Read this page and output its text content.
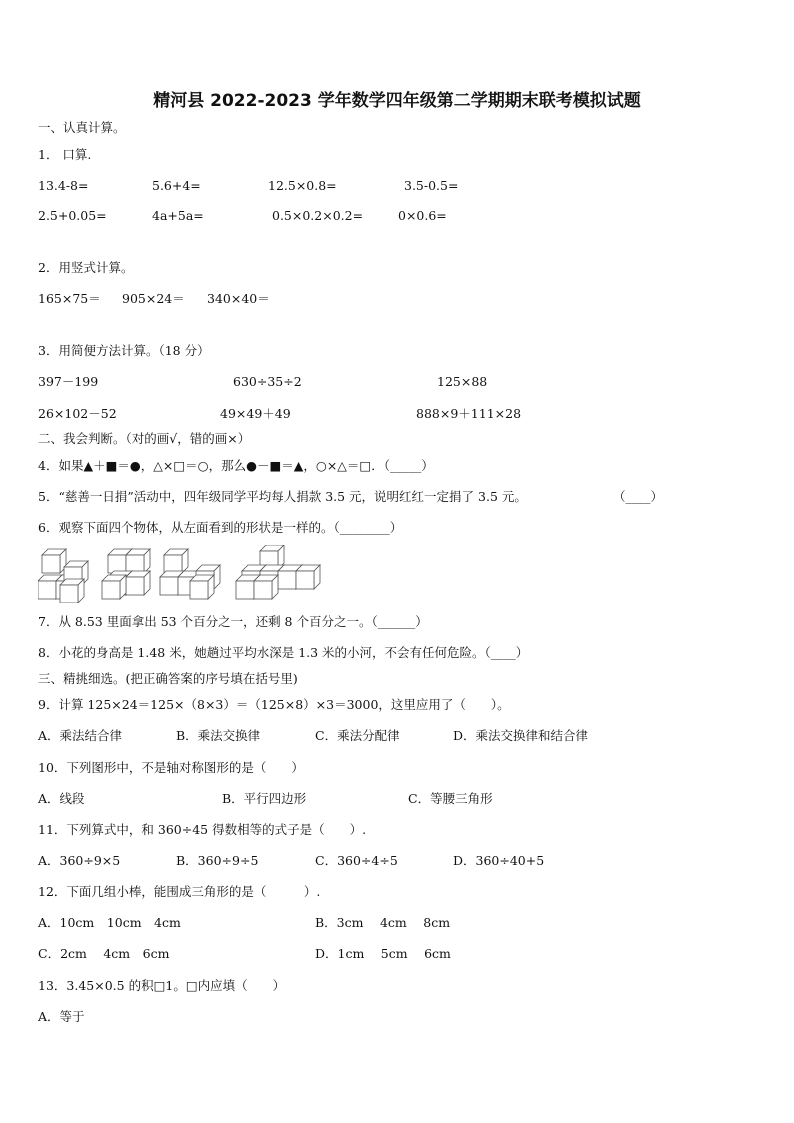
精河县 2022-2023 学年数学四年级第二学期期末联考模拟试题
一、认真计算。
1． 口算.
13.4-8=	5.6+4=	12.5×0.8=	3.5-0.5=
2.5+0.05=	4a+5a=	0.5×0.2×0.2=	0×0.6=
2．用竖式计算。
165×75＝ 905×24＝ 340×40＝
3．用简便方法计算。（18 分）
397－199	630÷35÷2	125×88
26×102－52	49×49＋49	888×9＋111×28
二、我会判断。（对的画√，错的画×）
4．如果▲＋■＝●，△×□＝○，那么●－■＝▲，○×△＝□．（_____）
5．“慈善一日捐”活动中，四年级同学平均每人捐款 3.5 元，说明红红一定捐了 3.5 元。	（____）
6．观察下面四个物体，从左面看到的形状是一样的。（________）
7．从 8.53 里面拿出 53 个百分之一，还剩 8 个百分之一。（______）
8．小花的身高是 1.48 米，她趟过平均水深是 1.3 米的小河，不会有任何危险。（____）
三、精挑细选。(把正确答案的序号填在括号里)
9．计算 125×24＝125×（8×3）＝（125×8）×3＝3000，这里应用了（　　）。
A．乘法结合律	B．乘法交换律	C．乘法分配律	D．乘法交换律和结合律
10．下列图形中，不是轴对称图形的是（　　）
A．线段	B．平行四边形	C．等腰三角形
11．下列算式中，和 360÷45 得数相等的式子是（　　）.
A．360÷9×5	B．360÷9÷5	C．360÷4÷5	D．360÷40+5
12．下面几组小棒，能围成三角形的是（　　　）.
A．10cm　10cm　4cm	B．3cm　 4cm　 8cm
C．2cm　 4cm　6cm	D．1cm　 5cm　 6cm
13．3.45×0.5 的积□1。□内应填（　　）
A．等于
